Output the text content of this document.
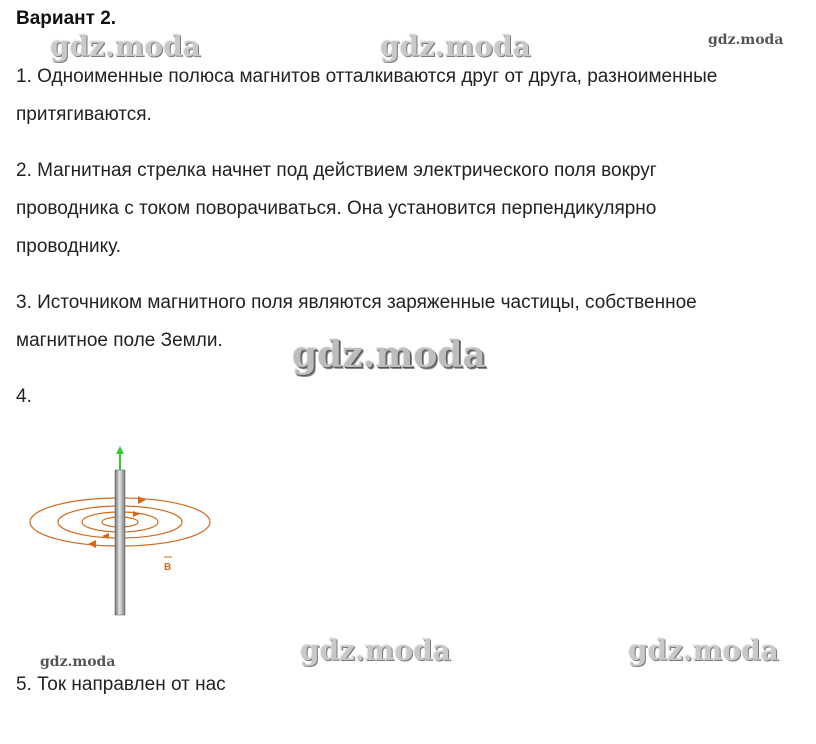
Вариант 2.
gdz.moda	gdz.moda	gdz.moda
1. Одноименные полюса магнитов отталкиваются друг от друга, разноименные
притягиваются.
2. Магнитная стрелка начнет под действием электрического поля вокруг
проводника с током поворачиваться. Она установится перпендикулярно
проводнику.
3. Источником магнитного поля являются заряженные частицы, собственное
магнитное поле Земли.	gdz.moda
4.
B
gdz.moda	gdz.moda
gdz.moda
5. Ток направлен от нас
